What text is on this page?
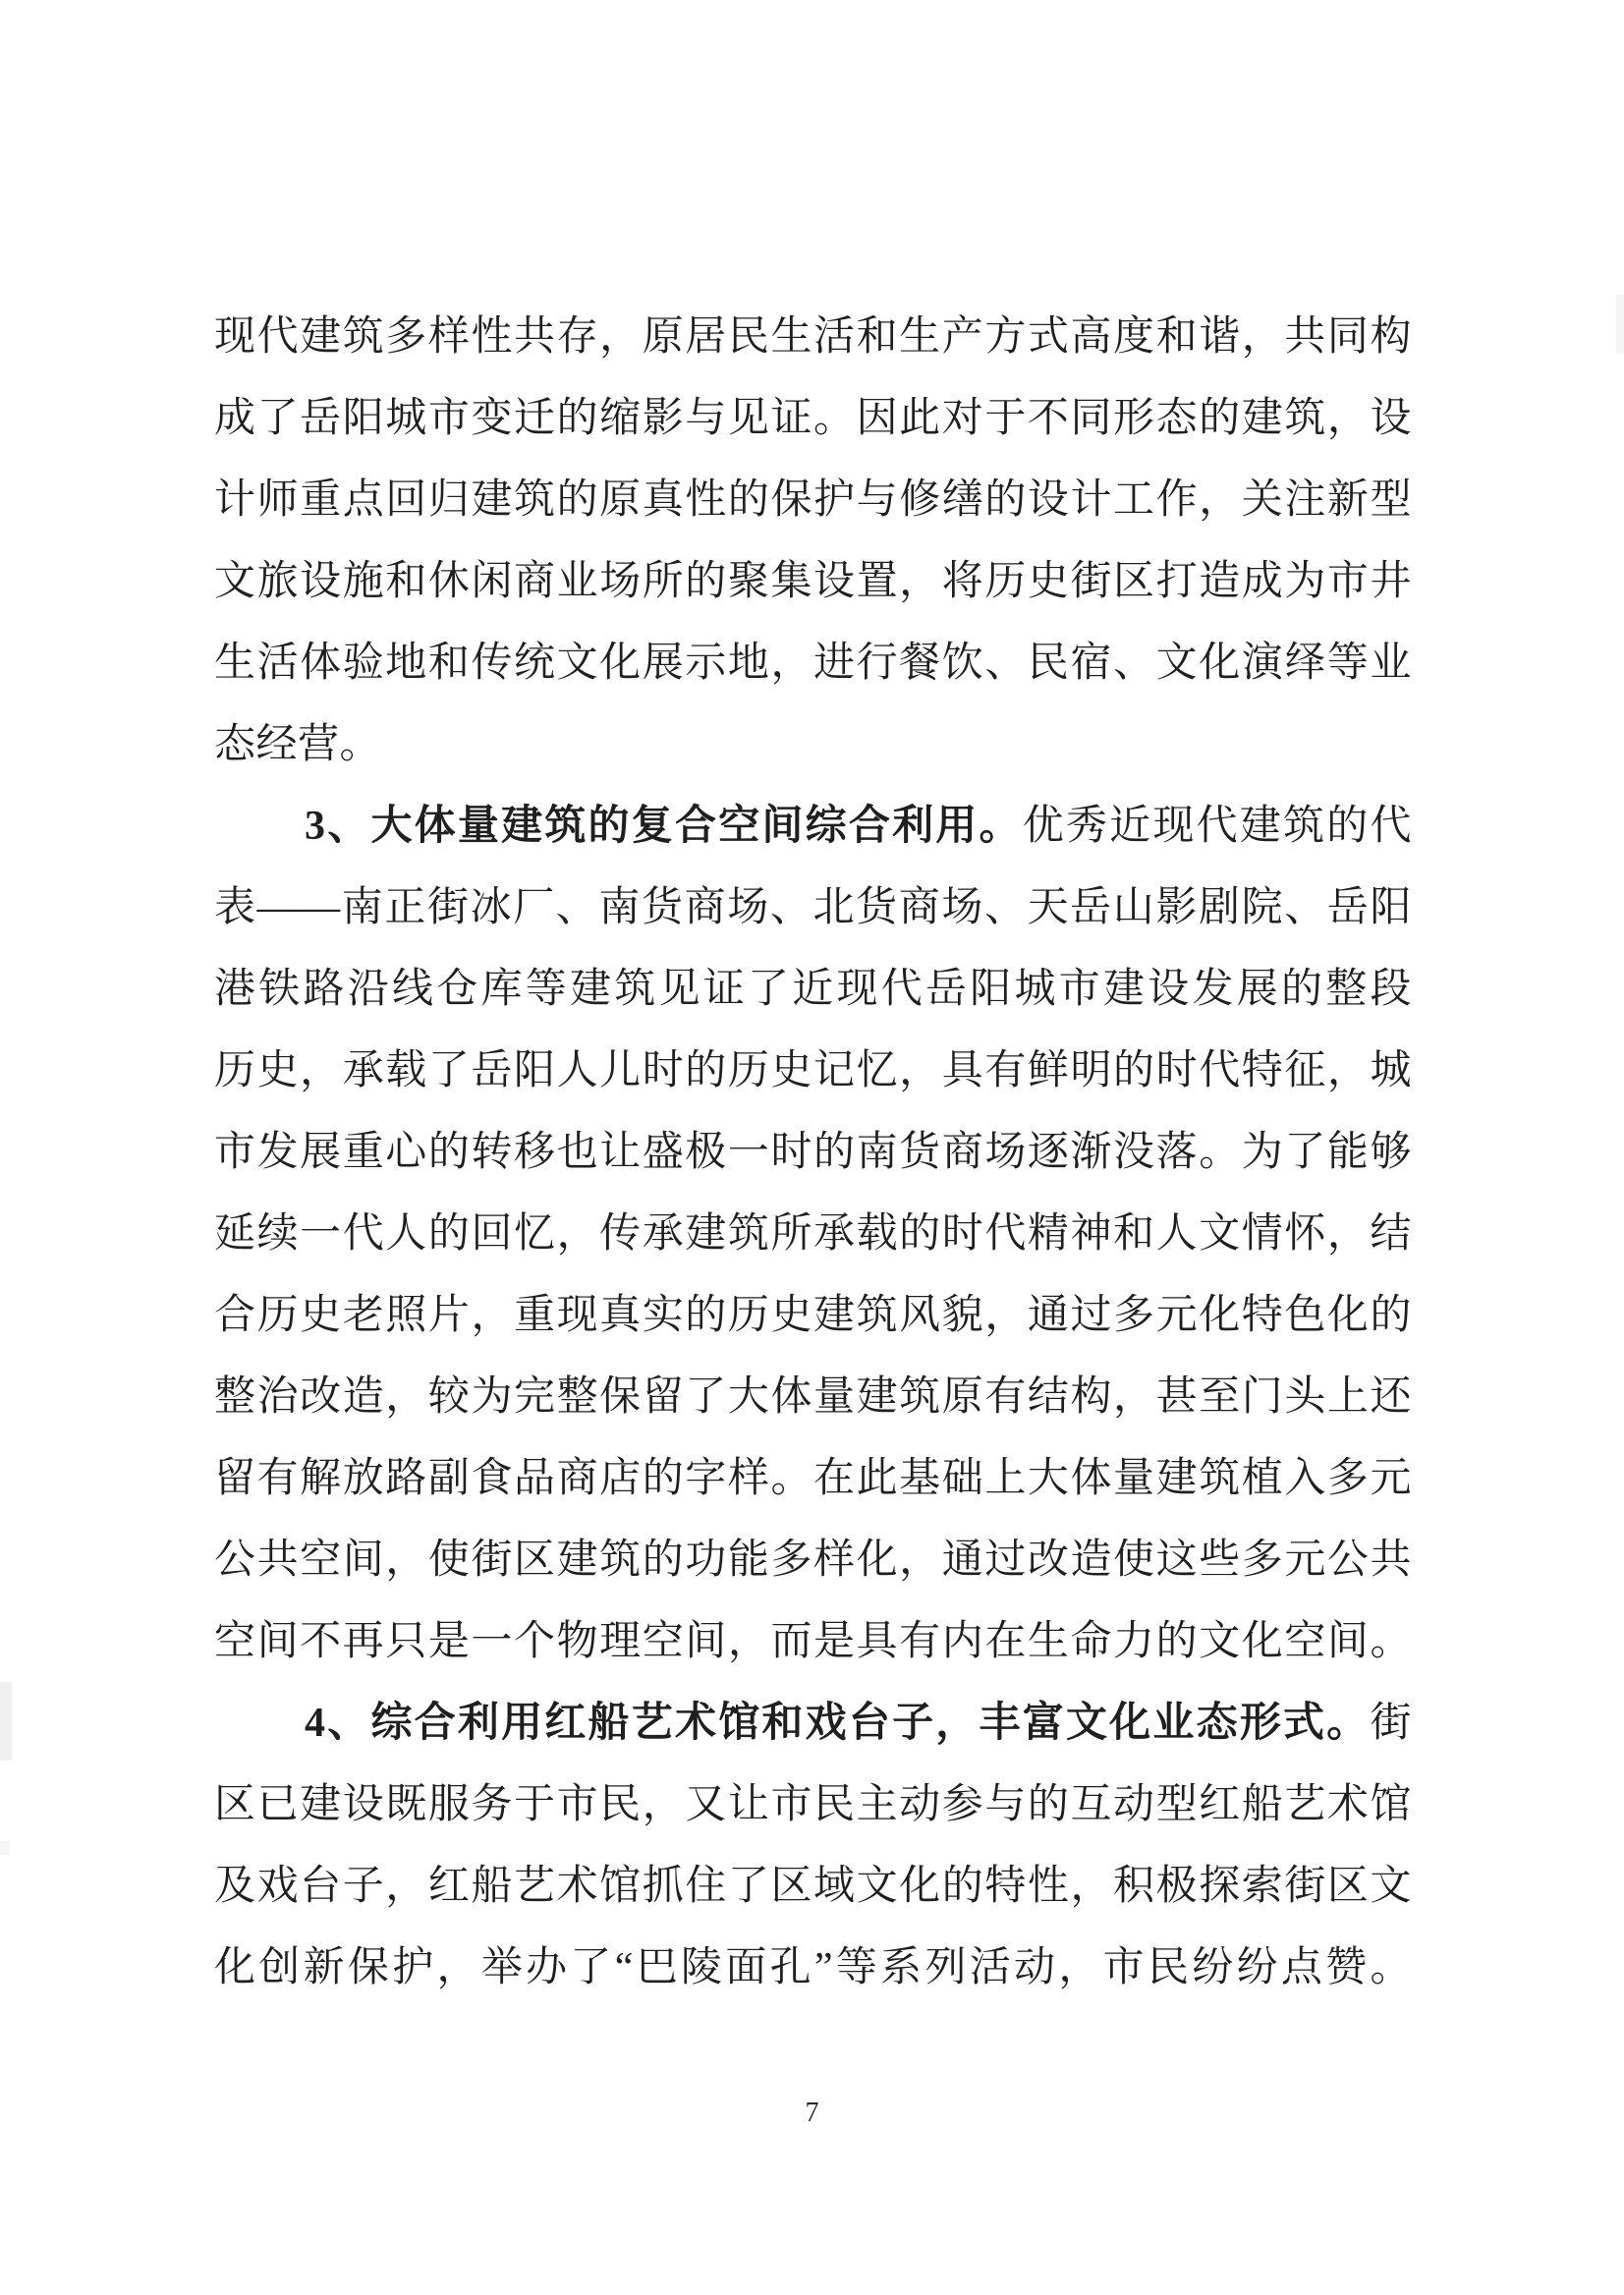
现代建筑多样性共存，原居民生活和生产方式高度和谐，共同构
成了岳阳城市变迁的缩影与见证。因此对于不同形态的建筑，设
计师重点回归建筑的原真性的保护与修缮的设计工作，关注新型
文旅设施和休闲商业场所的聚集设置，将历史街区打造成为市井
生活体验地和传统文化展示地，进行餐饮、民宿、文化演绎等业
态经营。
3、大体量建筑的复合空间综合利用。优秀近现代建筑的代
表——南正街冰厂、南货商场、北货商场、天岳山影剧院、岳阳
港铁路沿线仓库等建筑见证了近现代岳阳城市建设发展的整段
历史，承载了岳阳人儿时的历史记忆，具有鲜明的时代特征，城
市发展重心的转移也让盛极一时的南货商场逐渐没落。为了能够
延续一代人的回忆，传承建筑所承载的时代精神和人文情怀，结
合历史老照片，重现真实的历史建筑风貌，通过多元化特色化的
整治改造，较为完整保留了大体量建筑原有结构，甚至门头上还
留有解放路副食品商店的字样。在此基础上大体量建筑植入多元
公共空间，使街区建筑的功能多样化，通过改造使这些多元公共
空间不再只是一个物理空间，而是具有内在生命力的文化空间。
4、综合利用红船艺术馆和戏台子，丰富文化业态形式。街
区已建设既服务于市民，又让市民主动参与的互动型红船艺术馆
及戏台子，红船艺术馆抓住了区域文化的特性，积极探索街区文
化创新保护，举办了“巴陵面孔”等系列活动，市民纷纷点赞。
7
